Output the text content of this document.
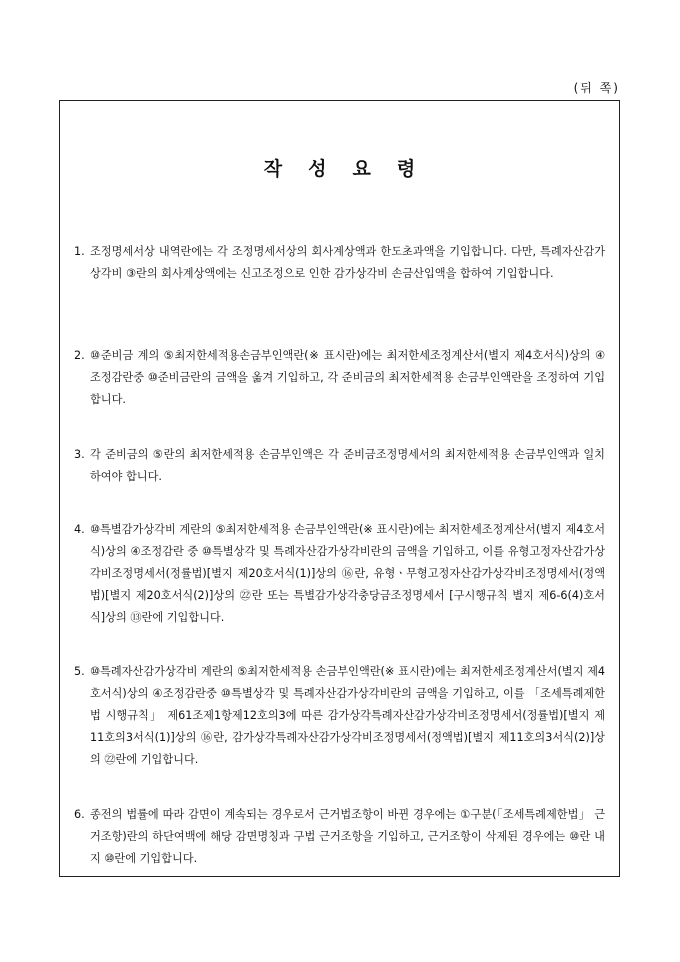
(뒤 쪽)
작성요령
1. 조정명세서상 내역란에는 각 조정명세서상의 회사계상액과 한도초과액을 기입합니다. 다만, 특례자산감가상각비 ③란의 회사계상액에는 신고조정으로 인한 감가상각비 손금산입액을 합하여 기입합니다.
2. ⑩준비금 계의 ⑤최저한세적용손금부인액란(※ 표시란)에는 최저한세조정계산서(별지 제4호서식)상의 ④조정감란중 ⑩준비금란의 금액을 옮겨 기입하고, 각 준비금의 최저한세적용 손금부인액란을 조정하여 기입합니다.
3. 각 준비금의 ⑤란의 최저한세적용 손금부인액은 각 준비금조정명세서의 최저한세적용 손금부인액과 일치하여야 합니다.
4. ⑩특별감가상각비 계란의 ⑤최저한세적용 손금부인액란(※ 표시란)에는 최저한세조정계산서(별지 제4호서식)상의 ④조정감란 중 ⑩특별상각 및 특례자산감가상각비란의 금액을 기입하고, 이를 유형고정자산감가상각비조정명세서(정률법)[별지 제20호서식(1)]상의 ⑯란, 유형ㆍ무형고정자산감가상각비조정명세서(정액법)[별지 제20호서식(2)]상의 ㉒란 또는 특별감가상각충당금조정명세서 [구시행규칙 별지 제6-6(4)호서식]상의 ⑬란에 기입합니다.
5. ⑩특례자산감가상각비 계란의 ⑤최저한세적용 손금부인액란(※ 표시란)에는 최저한세조정계산서(별지 제4호서식)상의 ④조정감란중 ⑩특별상각 및 특례자산감가상각비란의 금액을 기입하고, 이를 「조세특례제한법 시행규칙」 제61조제1항제12호의3에 따른 감가상각특례자산감가상각비조정명세서(정률법)[별지 제11호의3서식(1)]상의 ⑯란, 감가상각특례자산감가상각비조정명세서(정액법)[별지 제11호의3서식(2)]상의 ㉒란에 기입합니다.
6. 종전의 법률에 따라 감면이 계속되는 경우로서 근거법조항이 바뀐 경우에는 ①구분(「조세특례제한법」 근거조항)란의 하단여백에 해당 감면명칭과 구법 근거조항을 기입하고, 근거조항이 삭제된 경우에는 ⑩란 내지 ⑩란에 기입합니다.
